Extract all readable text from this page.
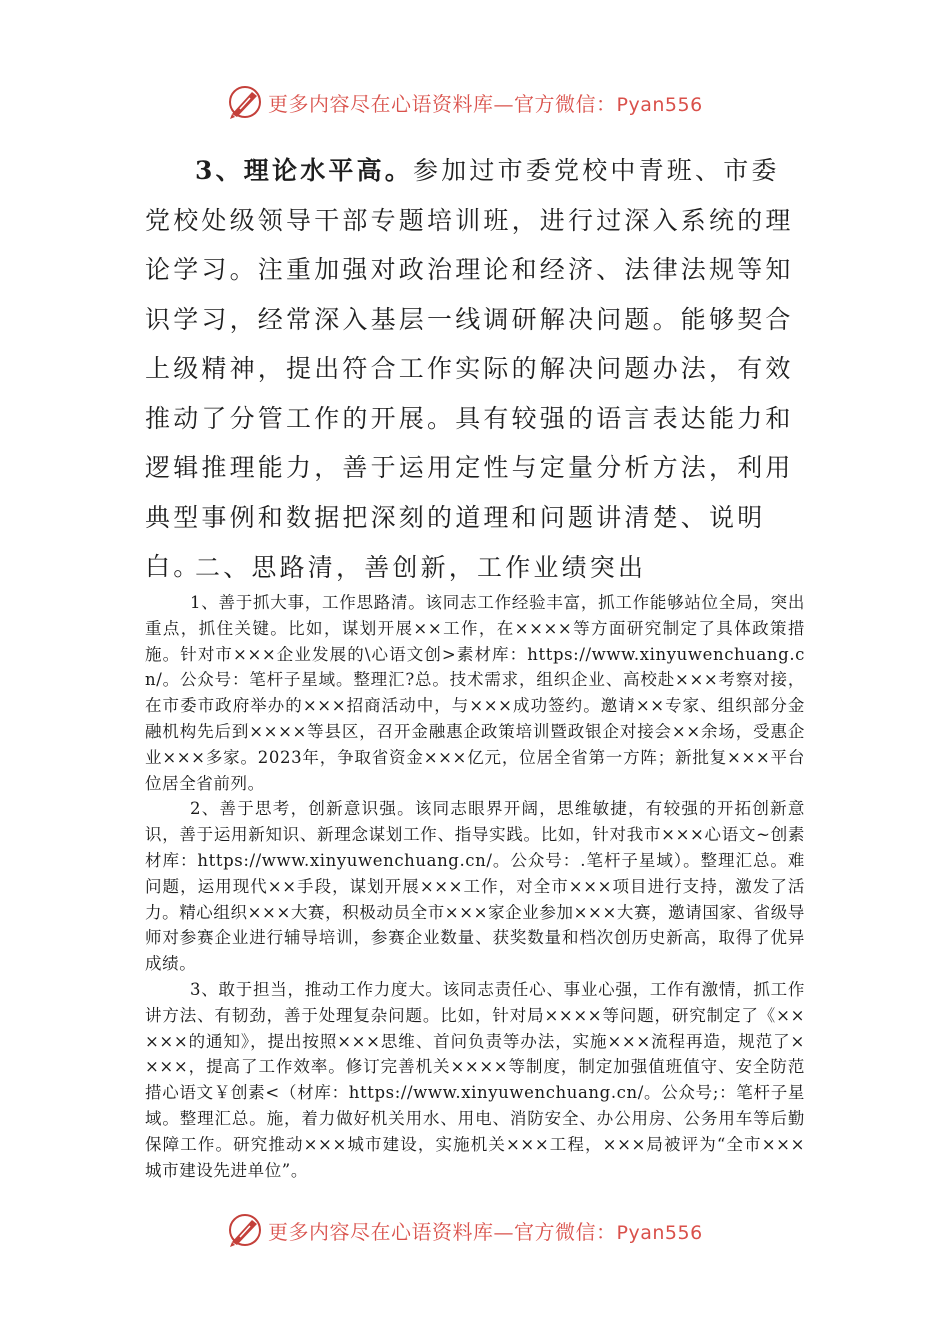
更多内容尽在心语资料库—官方微信：Pyan556

3、理论水平高。参加过市委党校中青班、市委党校处级领导干部专题培训班，进行过深入系统的理论学习。注重加强对政治理论和经济、法律法规等知识学习，经常深入基层一线调研解决问题。能够契合上级精神，提出符合工作实际的解决问题办法，有效推动了分管工作的开展。具有较强的语言表达能力和逻辑推理能力，善于运用定性与定量分析方法，利用典型事例和数据把深刻的道理和问题讲清楚、说明白。

二、思路清，善创新，工作业绩突出

1、善于抓大事，工作思路清。该同志工作经验丰富，抓工作能够站位全局，突出重点，抓住关键。比如，谋划开展××工作，在××××等方面研究制定了具体政策措施。针对市×××企业发展的\心语文创>素材库：https://www.xinyuwenchuang.cn/。公众号：笔杆子星域。整理汇?总。技术需求，组织企业、高校赴×××考察对接，在市委市政府举办的×××招商活动中，与×××成功签约。邀请××专家、组织部分金融机构先后到××××等县区，召开金融惠企政策培训暨政银企对接会××余场，受惠企业×××多家。2023年，争取省资金×××亿元，位居全省第一方阵；新批复×××平台位居全省前列。

2、善于思考，创新意识强。该同志眼界开阔，思维敏捷，有较强的开拓创新意识，善于运用新知识、新理念谋划工作、指导实践。比如，针对我市×××心语文~创素材库：https://www.xinyuwenchuang.cn/。公众号：.笔杆子星域）。整理汇总。难问题，运用现代××手段，谋划开展×××工作，对全市×××项目进行支持，激发了活力。精心组织×××大赛，积极动员全市×××家企业参加×××大赛，邀请国家、省级导师对参赛企业进行辅导培训，参赛企业数量、获奖数量和档次创历史新高，取得了优异成绩。

3、敢于担当，推动工作力度大。该同志责任心、事业心强，工作有激情，抓工作讲方法、有韧劲，善于处理复杂问题。比如，针对局××××等问题，研究制定了《×××××的通知》，提出按照×××思维、首问负责等办法，实施×××流程再造，规范了××××，提高了工作效率。修订完善机关××××等制度，制定加强值班值守、安全防范措心语文￥创素<（材库：https://www.xinyuwenchuang.cn/。公众号;：笔杆子星域。整理汇总。施，着力做好机关用水、用电、消防安全、办公用房、公务用车等后勤保障工作。研究推动×××城市建设，实施机关×××工程，×××局被评为“全市×××城市建设先进单位”。

更多内容尽在心语资料库—官方微信：Pyan556
